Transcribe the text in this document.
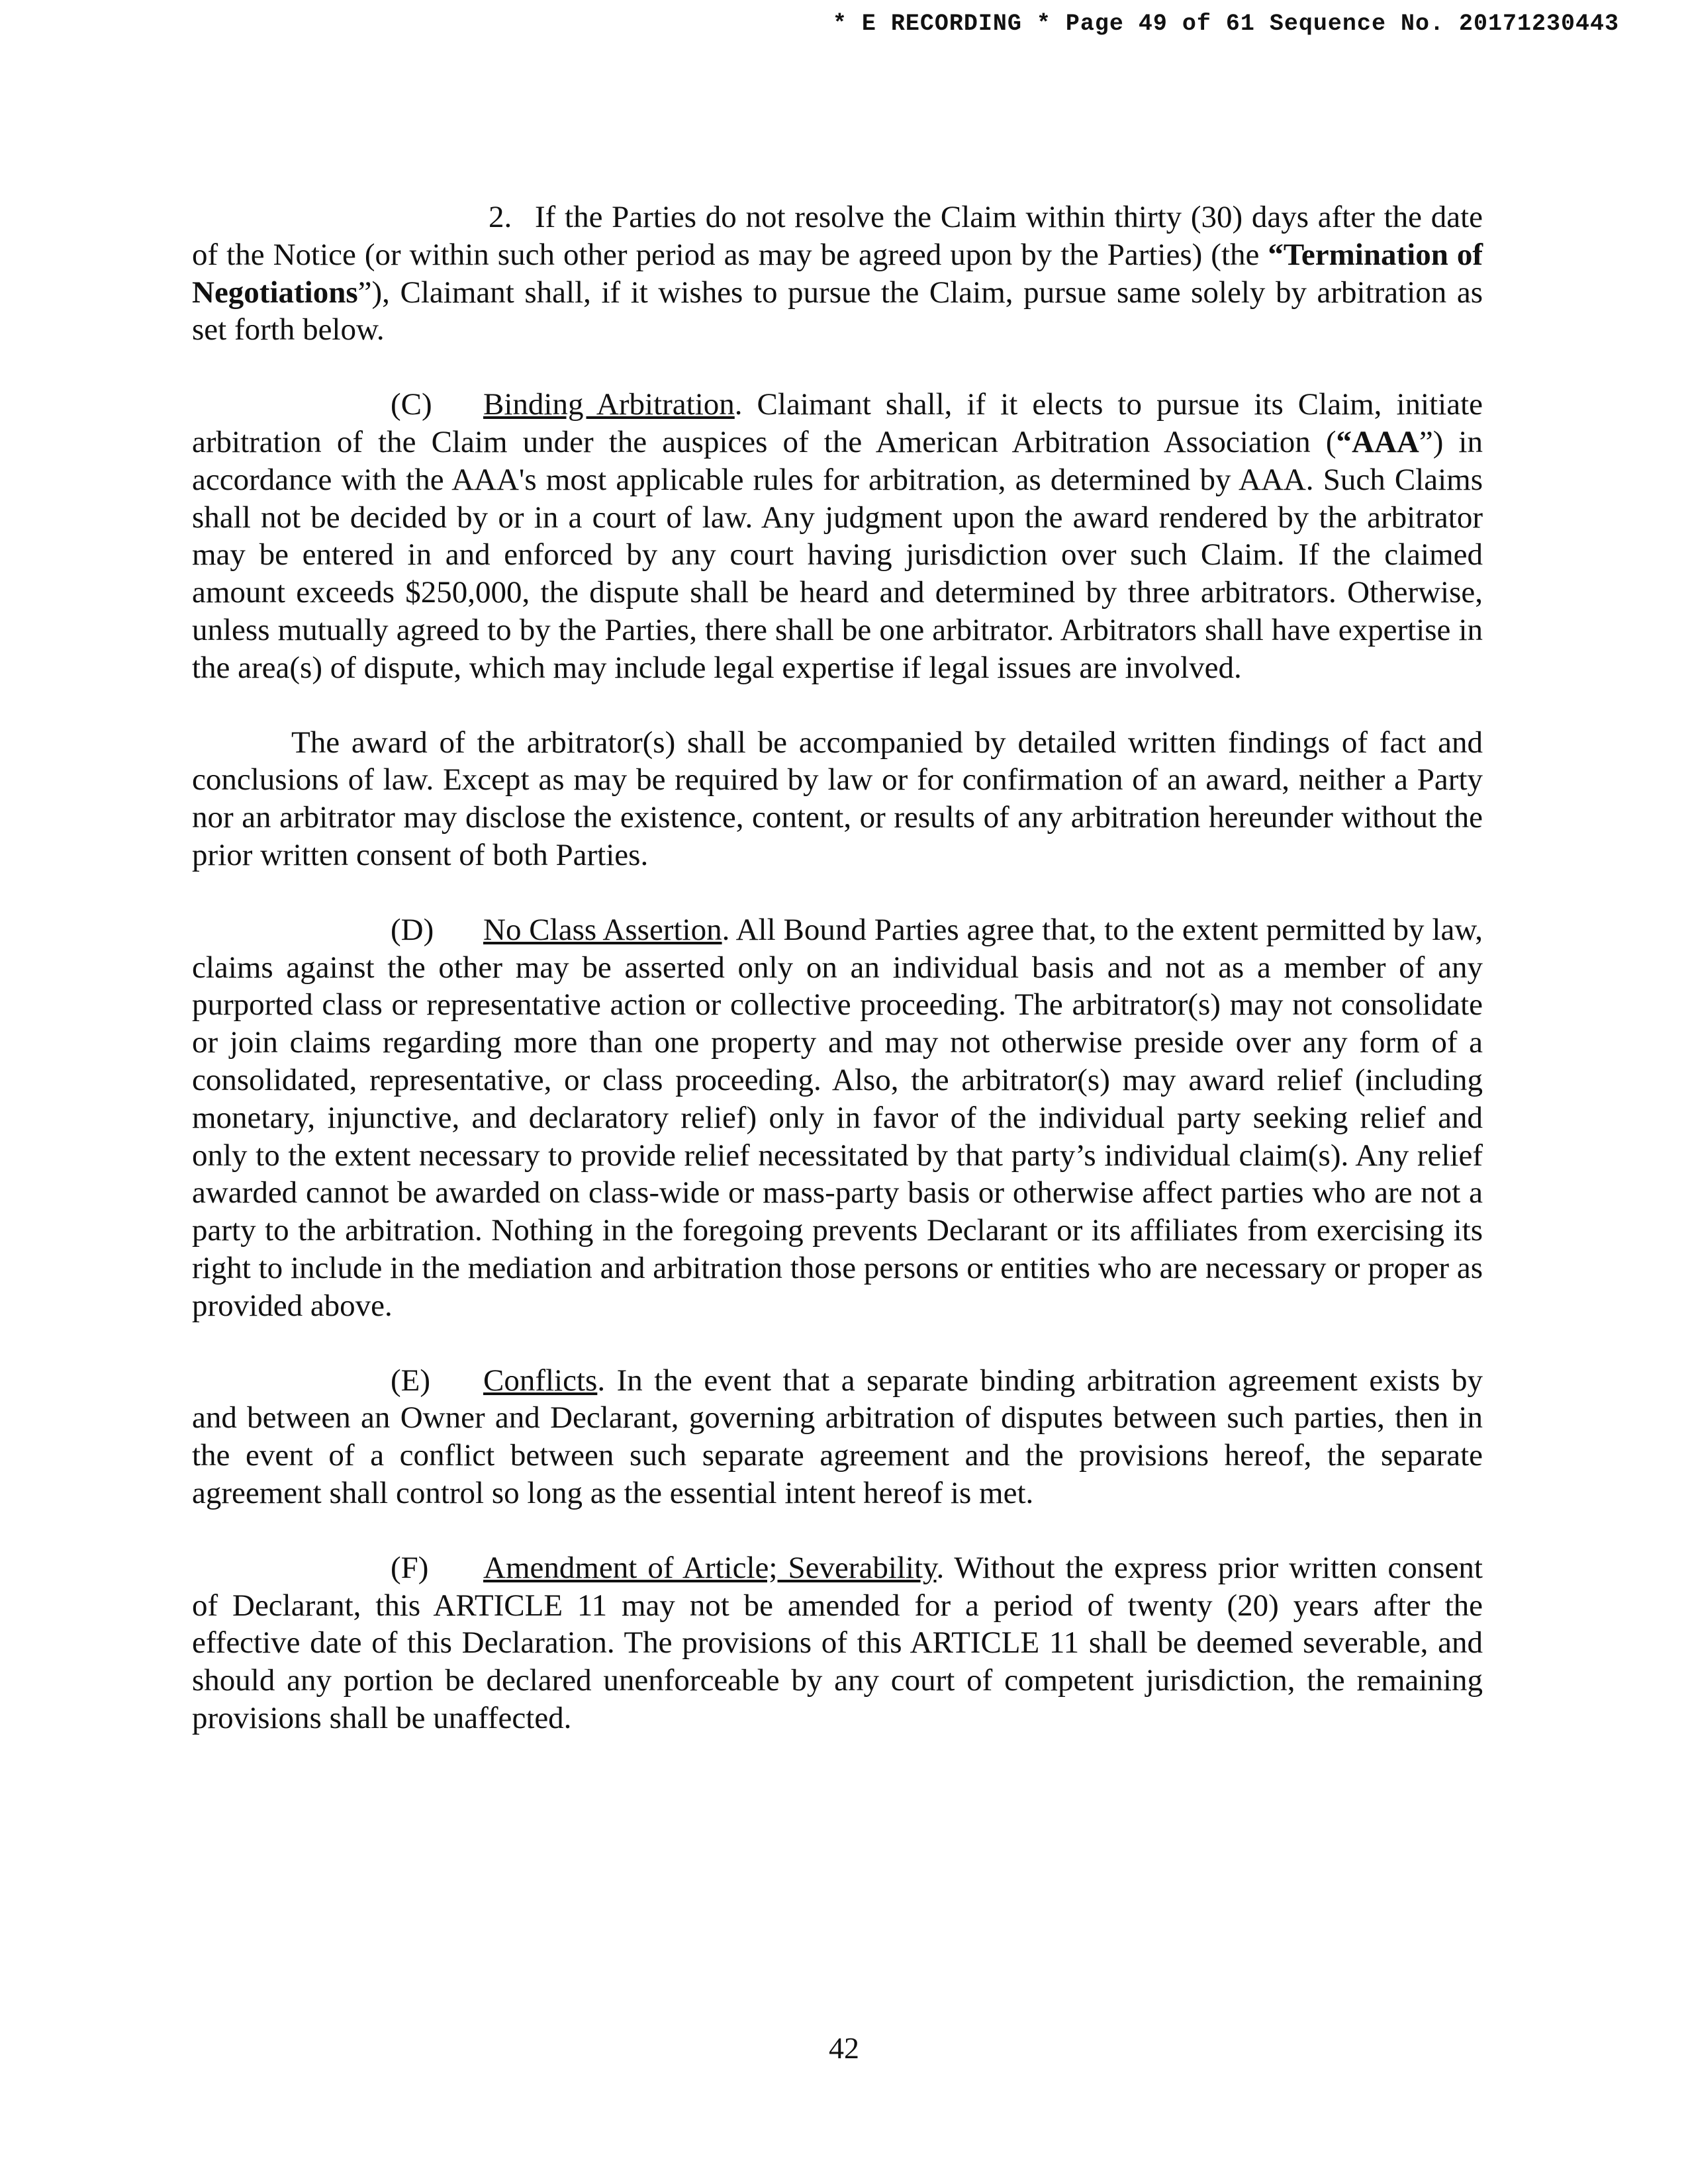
* E RECORDING * Page 49 of 61 Sequence No. 20171230443

2. If the Parties do not resolve the Claim within thirty (30) days after the date of the Notice (or within such other period as may be agreed upon by the Parties) (the “Termination of Negotiations”), Claimant shall, if it wishes to pursue the Claim, pursue same solely by arbitration as set forth below.

(C) Binding Arbitration. Claimant shall, if it elects to pursue its Claim, initiate arbitration of the Claim under the auspices of the American Arbitration Association (“AAA”) in accordance with the AAA's most applicable rules for arbitration, as determined by AAA. Such Claims shall not be decided by or in a court of law. Any judgment upon the award rendered by the arbitrator may be entered in and enforced by any court having jurisdiction over such Claim. If the claimed amount exceeds $250,000, the dispute shall be heard and determined by three arbitrators. Otherwise, unless mutually agreed to by the Parties, there shall be one arbitrator. Arbitrators shall have expertise in the area(s) of dispute, which may include legal expertise if legal issues are involved.

The award of the arbitrator(s) shall be accompanied by detailed written findings of fact and conclusions of law. Except as may be required by law or for confirmation of an award, neither a Party nor an arbitrator may disclose the existence, content, or results of any arbitration hereunder without the prior written consent of both Parties.

(D) No Class Assertion. All Bound Parties agree that, to the extent permitted by law, claims against the other may be asserted only on an individual basis and not as a member of any purported class or representative action or collective proceeding. The arbitrator(s) may not consolidate or join claims regarding more than one property and may not otherwise preside over any form of a consolidated, representative, or class proceeding. Also, the arbitrator(s) may award relief (including monetary, injunctive, and declaratory relief) only in favor of the individual party seeking relief and only to the extent necessary to provide relief necessitated by that party’s individual claim(s). Any relief awarded cannot be awarded on class-wide or mass-party basis or otherwise affect parties who are not a party to the arbitration. Nothing in the foregoing prevents Declarant or its affiliates from exercising its right to include in the mediation and arbitration those persons or entities who are necessary or proper as provided above.

(E) Conflicts. In the event that a separate binding arbitration agreement exists by and between an Owner and Declarant, governing arbitration of disputes between such parties, then in the event of a conflict between such separate agreement and the provisions hereof, the separate agreement shall control so long as the essential intent hereof is met.

(F) Amendment of Article; Severability. Without the express prior written consent of Declarant, this ARTICLE 11 may not be amended for a period of twenty (20) years after the effective date of this Declaration. The provisions of this ARTICLE 11 shall be deemed severable, and should any portion be declared unenforceable by any court of competent jurisdiction, the remaining provisions shall be unaffected.

42
